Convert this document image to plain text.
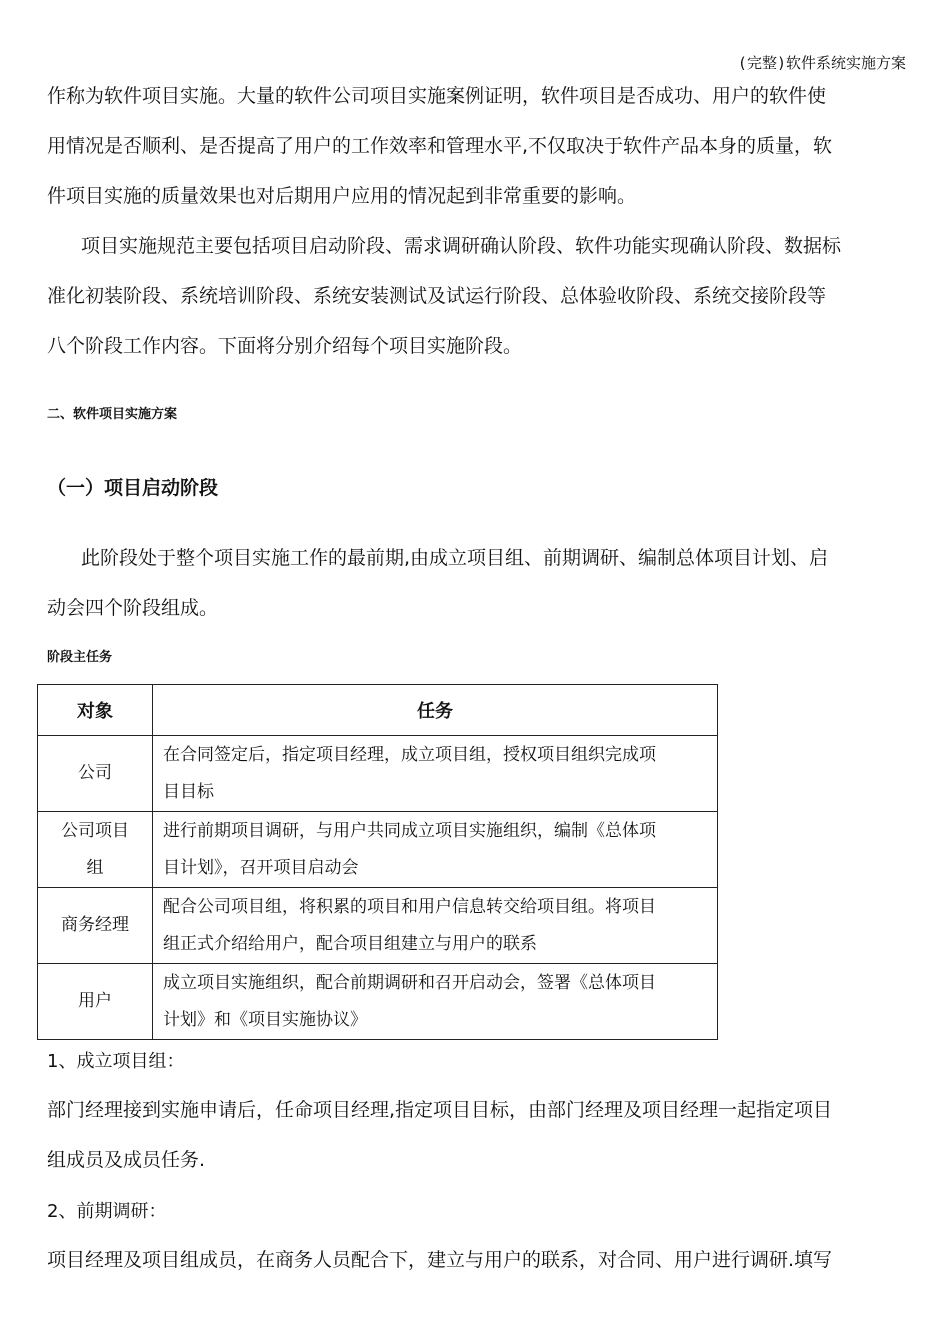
(完整)软件系统实施方案
作称为软件项目实施。大量的软件公司项目实施案例证明，软件项目是否成功、用户的软件使
用情况是否顺利、是否提高了用户的工作效率和管理水平,不仅取决于软件产品本身的质量，软
件项目实施的质量效果也对后期用户应用的情况起到非常重要的影响。
项目实施规范主要包括项目启动阶段、需求调研确认阶段、软件功能实现确认阶段、数据标
准化初装阶段、系统培训阶段、系统安装测试及试运行阶段、总体验收阶段、系统交接阶段等
八个阶段工作内容。下面将分别介绍每个项目实施阶段。
二、软件项目实施方案
（一）项目启动阶段
此阶段处于整个项目实施工作的最前期,由成立项目组、前期调研、编制总体项目计划、启
动会四个阶段组成。
阶段主任务
对象	任务

公司	在合同签定后，指定项目经理，成立项目组，授权项目组织完成项
目目标

公司项目
组	进行前期项目调研，与用户共同成立项目实施组织，编制《总体项
目计划》，召开项目启动会

商务经理	配合公司项目组，将积累的项目和用户信息转交给项目组。将项目
组正式介绍给用户，配合项目组建立与用户的联系

用户	成立项目实施组织，配合前期调研和召开启动会，签署《总体项目
计划》和《项目实施协议》
1、成立项目组：
部门经理接到实施申请后，任命项目经理,指定项目目标，由部门经理及项目经理一起指定项目
组成员及成员任务.
2、前期调研：
项目经理及项目组成员，在商务人员配合下，建立与用户的联系，对合同、用户进行调研.填写
